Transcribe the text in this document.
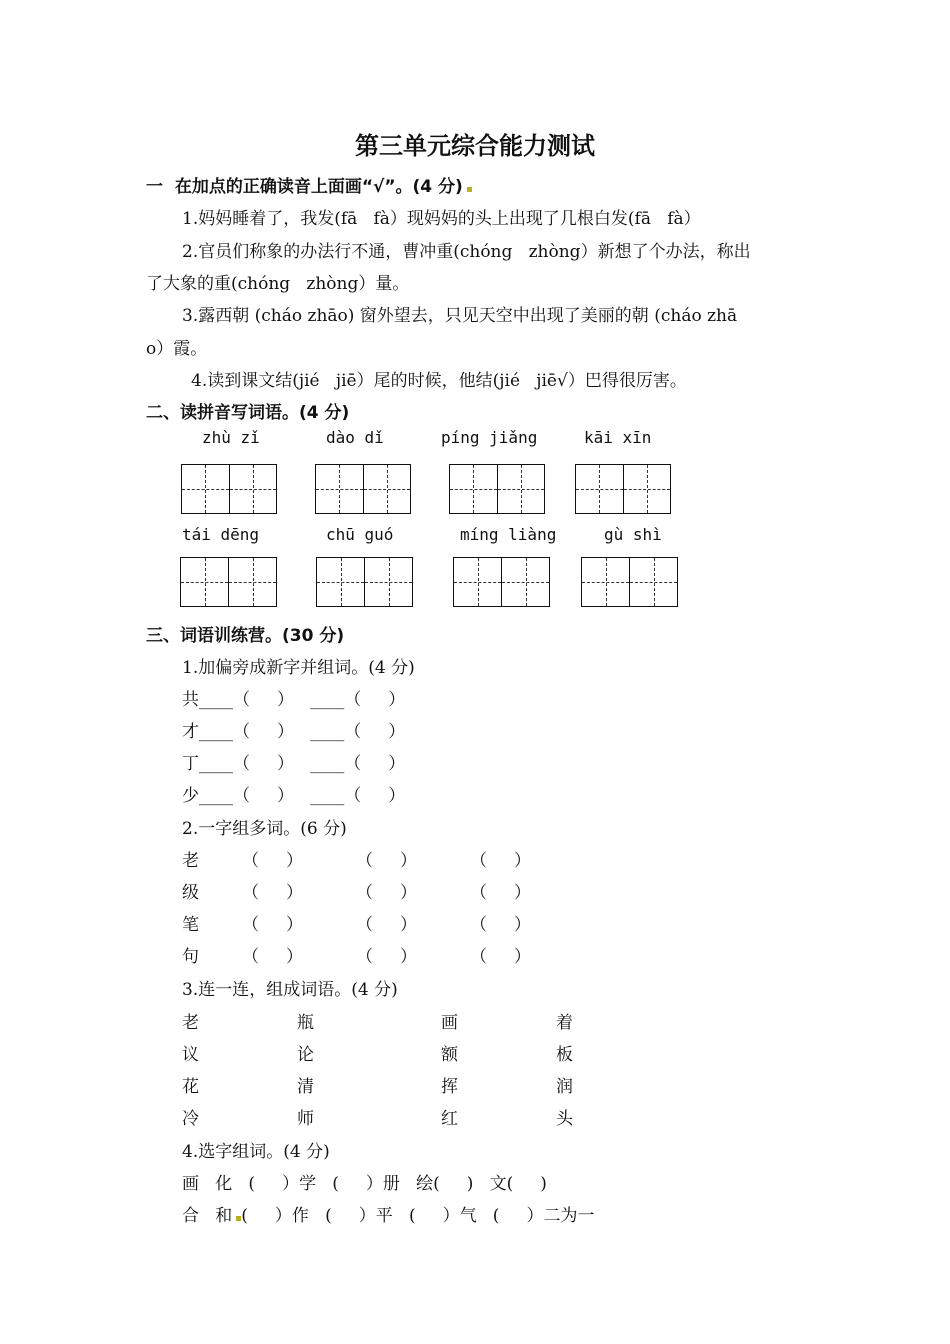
第三单元综合能力测试
一  在加点的正确读音上面画“√”。(4 分)
1.妈妈睡着了，我发(fā   fà）现妈妈的头上出现了几根白发(fā   fà）
2.官员们称象的办法行不通，曹冲重(chóng   zhòng）新想了个办法，称出
了大象的重(chóng   zhòng）量。
3.露西朝 (cháo zhāo) 窗外望去，只见天空中出现了美丽的朝 (cháo zhā
o）霞。
4.读到课文结(jié   jiē）尾的时候，他结(jié   jiē√）巴得很厉害。
二、读拼音写词语。(4 分)
zhù zǐ	dào dǐ	píng jiǎng	kāi xīn
tái dēng	chū guó	míng liàng	gù shì
三、词语训练营。(30 分)
1.加偏旁成新字并组词。(4 分)
共____（     ）   ____（     ）
才____（     ）   ____（     ）
丁____（     ）   ____（     ）
少____（     ）   ____（     ）
2.一字组多词。(6 分)
老	（     ）	（     ）	（     ）
级	（     ）	（     ）	（     ）
笔	（     ）	（     ）	（     ）
句	（     ）	（     ）	（     ）
3.连一连，组成词语。(4 分)
老	瓶	画	着
议	论	额	板
花	清	挥	润
冷	师	红	头
4.选字组词。(4 分)
画   化   (     ）学   (     ）册   绘(     )   文(     )
合   和 (     ）作   (     ）平   (     ）气   (     ）二为一
